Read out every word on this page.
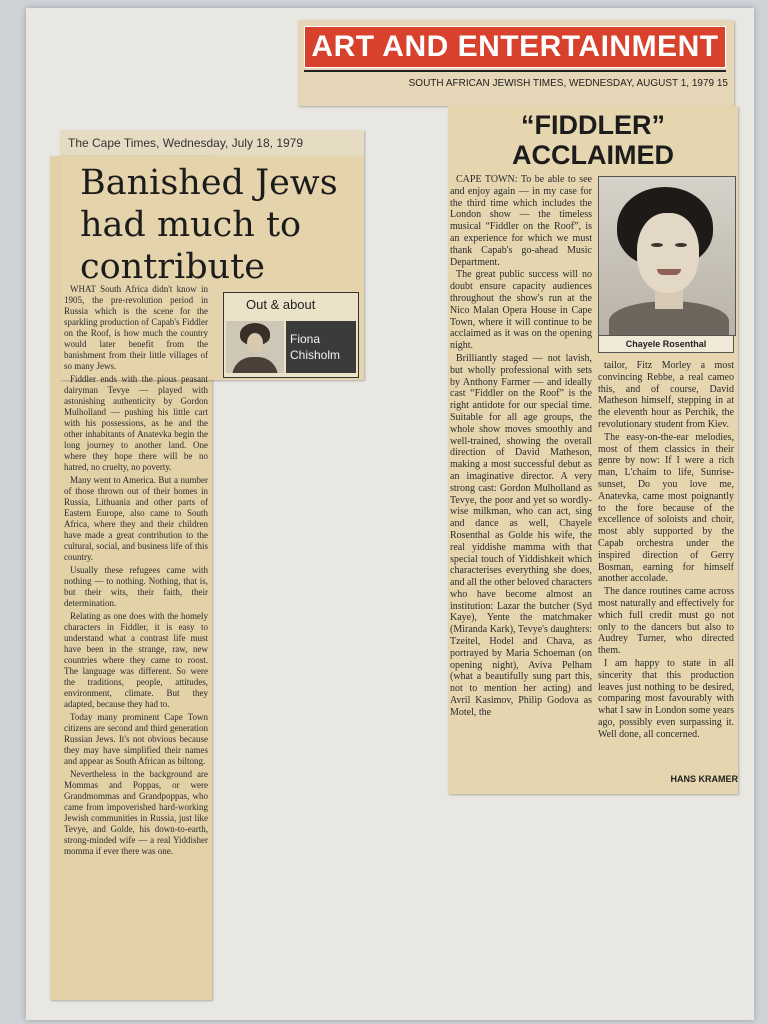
ART AND ENTERTAINMENT
SOUTH AFRICAN JEWISH TIMES, WEDNESDAY, AUGUST 1, 1979 15
The Cape Times, Wednesday, July 18, 1979
Banished Jews had much to contribute
Out & about
Fiona Chisholm

WHAT South Africa didn't know in 1905, the pre-revolution period in Russia which is the scene for the sparkling production of Capab's Fiddler on the Roof, is how much the country would later benefit from the banishment from their little villages of so many Jews.

Fiddler ends with the pious peasant dairyman Tevye — played with astonishing authenticity by Gordon Mulholland — pushing his little cart with his possessions, as he and the other inhabitants of Anatevka begin the long journey to another land. One where they hope there will be no hatred, no cruelty, no poverty.

Many went to America. But a number of those thrown out of their homes in Russia, Lithuania and other parts of Eastern Europe, also came to South Africa, where they and their children have made a great contribution to the cultural, social, and business life of this country.

Usually these refugees came with nothing — to nothing. Nothing, that is, but their wits, their faith, their determination.

Relating as one does with the homely characters in Fiddler, it is easy to understand what a contrast life must have been in the strange, raw, new countries where they came to roost. The language was different. So were the traditions, people, attitudes, environment, climate. But they adapted, because they had to.

Today many prominent Cape Town citizens are second and third generation Russian Jews. It's not obvious because they may have simplified their names and appear as South African as biltong.

Nevertheless in the background are Mommas and Poppas, or were Grandmommas and Grandpoppas, who came from impoverished hard-working Jewish communities in Russia, just like Tevye, and Golde, his down-to-earth, strong-minded wife — a real Yiddisher momma if ever there was one.

“FIDDLER”
ACCLAIMED
Chayele Rosenthal

CAPE TOWN: To be able to see and enjoy again — in my case for the third time which includes the London show — the timeless musical “Fiddler on the Roof”, is an experience for which we must thank Capab's go-ahead Music Department.

The great public success will no doubt ensure capacity audiences throughout the show's run at the Nico Malan Opera House in Cape Town, where it will continue to be acclaimed as it was on the opening night.

Brilliantly staged — not lavish, but wholly professional with sets by Anthony Farmer — and ideally cast “Fiddler on the Roof” is the right antidote for our special time. Suitable for all age groups, the whole show moves smoothly and well-trained, showing the overall direction of David Matheson, making a most successful debut as an imaginative director. A very strong cast: Gordon Mulholland as Tevye, the poor and yet so wordly-wise milkman, who can act, sing and dance as well, Chayele Rosenthal as Golde his wife, the real yiddishe mamma with that special touch of Yiddishkeit which characterises everything she does, and all the other beloved characters who have become almost an institution: Lazar the butcher (Syd Kaye), Yente the matchmaker (Miranda Kark), Tevye's daughters: Tzeitel, Hodel and Chava, as portrayed by Maria Schoeman (on opening night), Aviva Pelham (what a beautifully sung part this, not to mention her acting) and Avril Kasimov, Philip Godova as Motel, the

tailor, Fitz Morley a most convincing Rebbe, a real cameo this, and of course, David Matheson himself, stepping in at the eleventh hour as Perchik, the revolutionary student from Kiev.

The easy-on-the-ear melodies, most of them classics in their genre by now: If I were a rich man, L'chaim to life, Sunrise-sunset, Do you love me, Anatevka, came most poignantly to the fore because of the excellence of soloists and choir, most ably supported by the Capab orchestra under the inspired direction of Gerry Bosman, earning for himself another accolade.

The dance routines came across most naturally and effectively for which full credit must go not only to the dancers but also to Audrey Turner, who directed them.

I am happy to state in all sincerity that this production leaves just nothing to be desired, comparing most favourably with what I saw in London some years ago, possibly even surpassing it. Well done, all concerned.

HANS KRAMER
